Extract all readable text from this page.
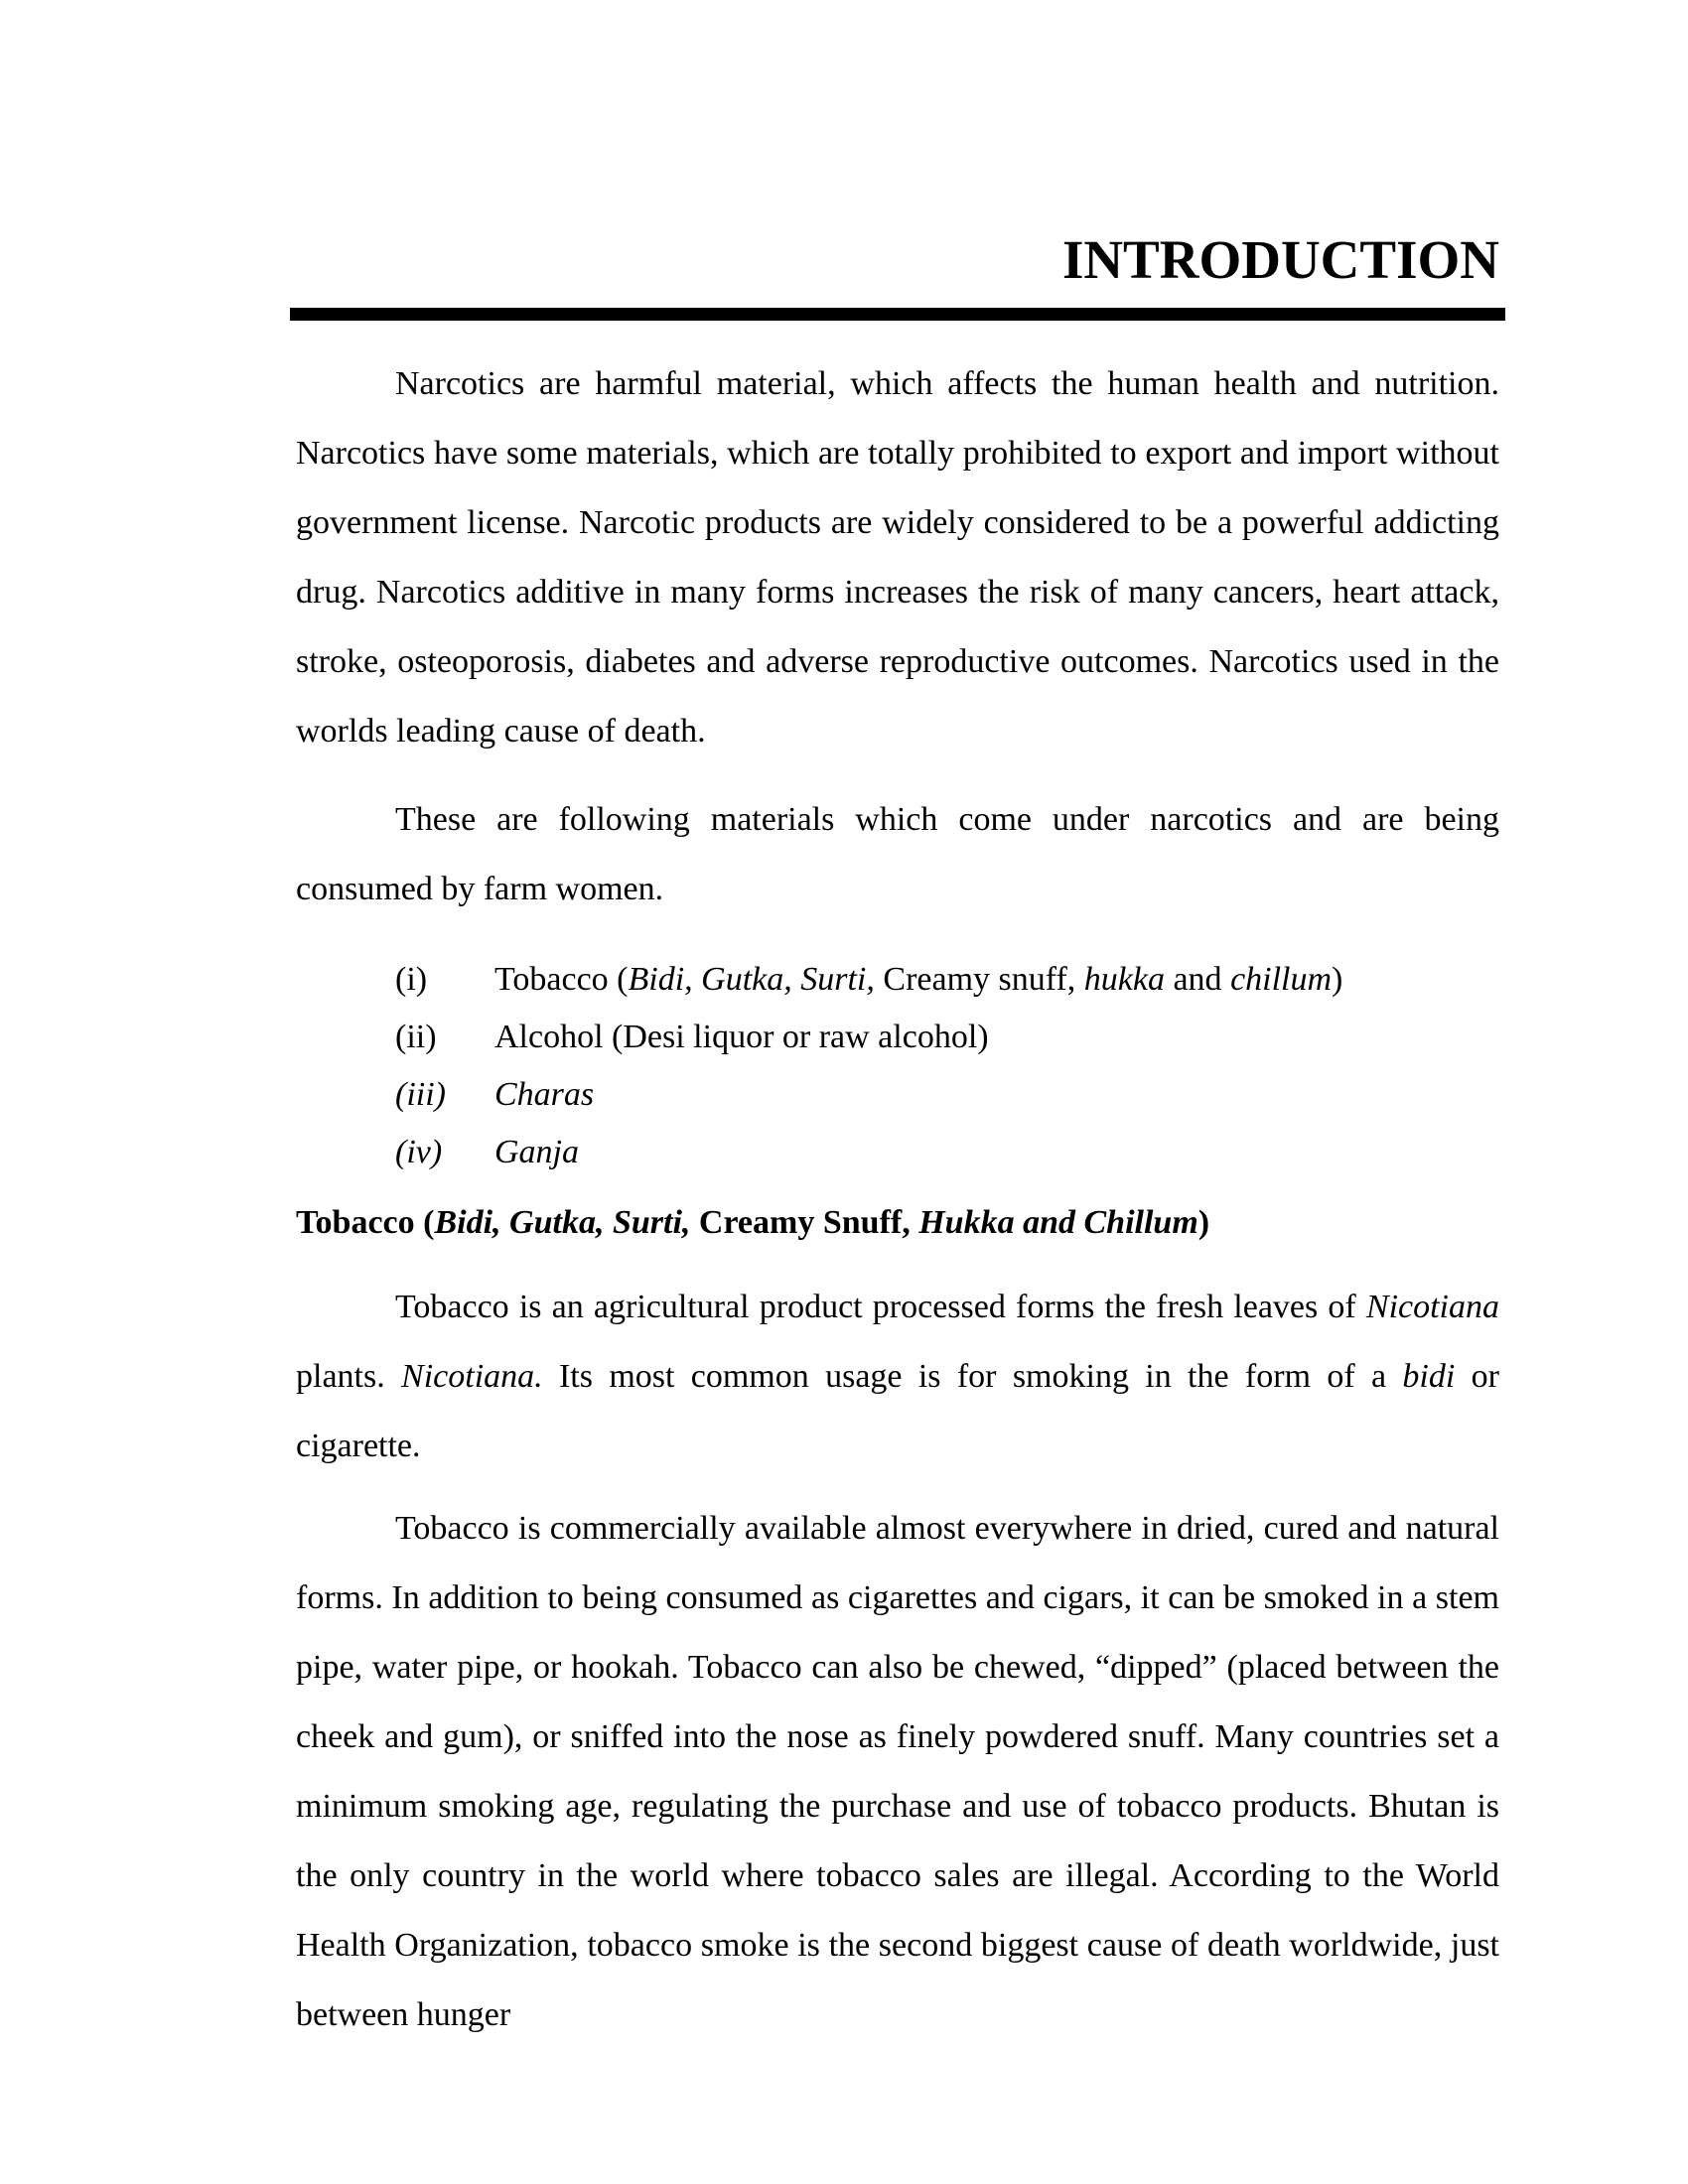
INTRODUCTION

Narcotics are harmful material, which affects the human health and nutrition. Narcotics have some materials, which are totally prohibited to export and import without government license. Narcotic products are widely considered to be a powerful addicting drug. Narcotics additive in many forms increases the risk of many cancers, heart attack, stroke, osteoporosis, diabetes and adverse reproductive outcomes. Narcotics used in the worlds leading cause of death.

These are following materials which come under narcotics and are being consumed by farm women.

(i) Tobacco (Bidi, Gutka, Surti, Creamy snuff, hukka and chillum)
(ii) Alcohol (Desi liquor or raw alcohol)
(iii) Charas
(iv) Ganja
Tobacco (Bidi, Gutka, Surti, Creamy Snuff, Hukka and Chillum)

Tobacco is an agricultural product processed forms the fresh leaves of Nicotiana plants. Nicotiana. Its most common usage is for smoking in the form of a bidi or cigarette.

Tobacco is commercially available almost everywhere in dried, cured and natural forms. In addition to being consumed as cigarettes and cigars, it can be smoked in a stem pipe, water pipe, or hookah. Tobacco can also be chewed, “dipped” (placed between the cheek and gum), or sniffed into the nose as finely powdered snuff. Many countries set a minimum smoking age, regulating the purchase and use of tobacco products. Bhutan is the only country in the world where tobacco sales are illegal. According to the World Health Organization, tobacco smoke is the second biggest cause of death worldwide, just between hunger
